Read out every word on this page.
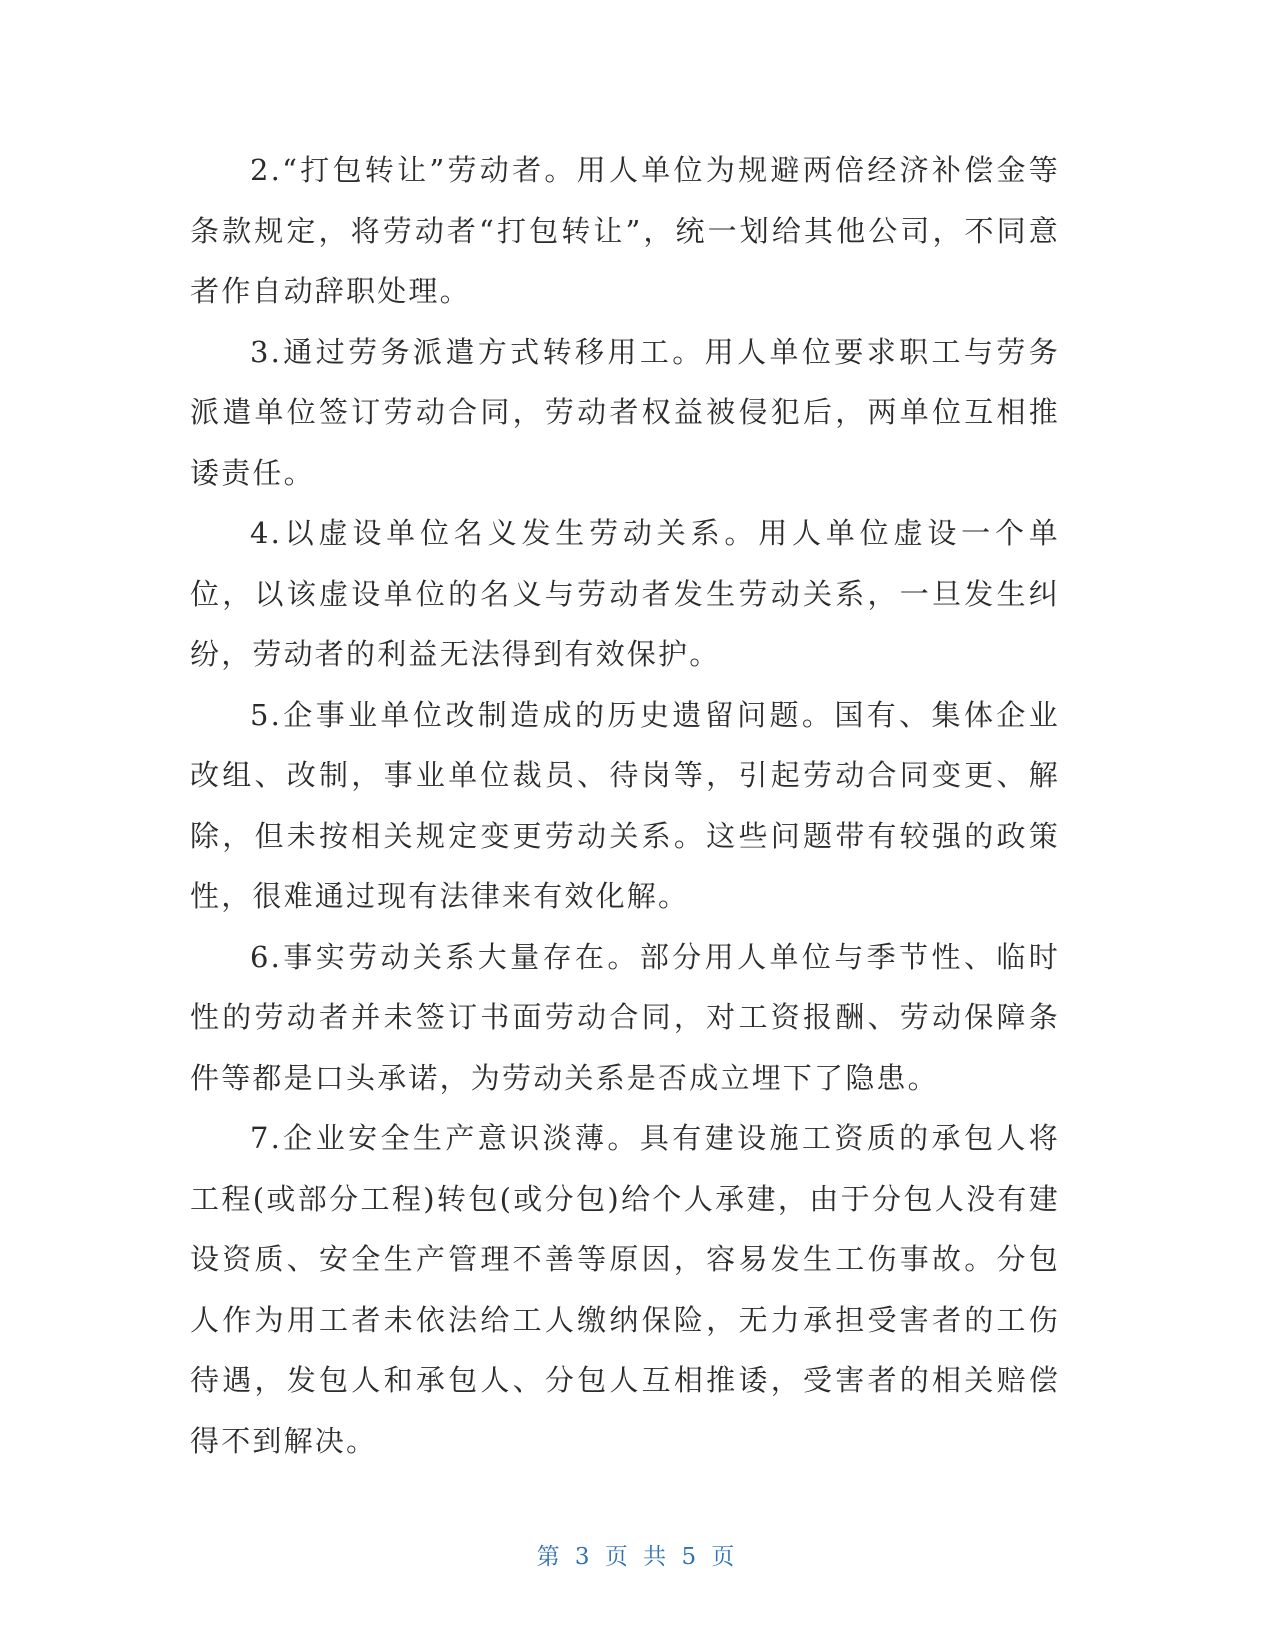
2.“打包转让”劳动者。用人单位为规避两倍经济补偿金等条款规定，将劳动者“打包转让”，统一划给其他公司，不同意者作自动辞职处理。

3.通过劳务派遣方式转移用工。用人单位要求职工与劳务派遣单位签订劳动合同，劳动者权益被侵犯后，两单位互相推诿责任。

4.以虚设单位名义发生劳动关系。用人单位虚设一个单位，以该虚设单位的名义与劳动者发生劳动关系，一旦发生纠纷，劳动者的利益无法得到有效保护。

5.企事业单位改制造成的历史遗留问题。国有、集体企业改组、改制，事业单位裁员、待岗等，引起劳动合同变更、解除，但未按相关规定变更劳动关系。这些问题带有较强的政策性，很难通过现有法律来有效化解。

6.事实劳动关系大量存在。部分用人单位与季节性、临时性的劳动者并未签订书面劳动合同，对工资报酬、劳动保障条件等都是口头承诺，为劳动关系是否成立埋下了隐患。

7.企业安全生产意识淡薄。具有建设施工资质的承包人将工程(或部分工程)转包(或分包)给个人承建，由于分包人没有建设资质、安全生产管理不善等原因，容易发生工伤事故。分包人作为用工者未依法给工人缴纳保险，无力承担受害者的工伤待遇，发包人和承包人、分包人互相推诿，受害者的相关赔偿得不到解决。

第 3 页 共 5 页
